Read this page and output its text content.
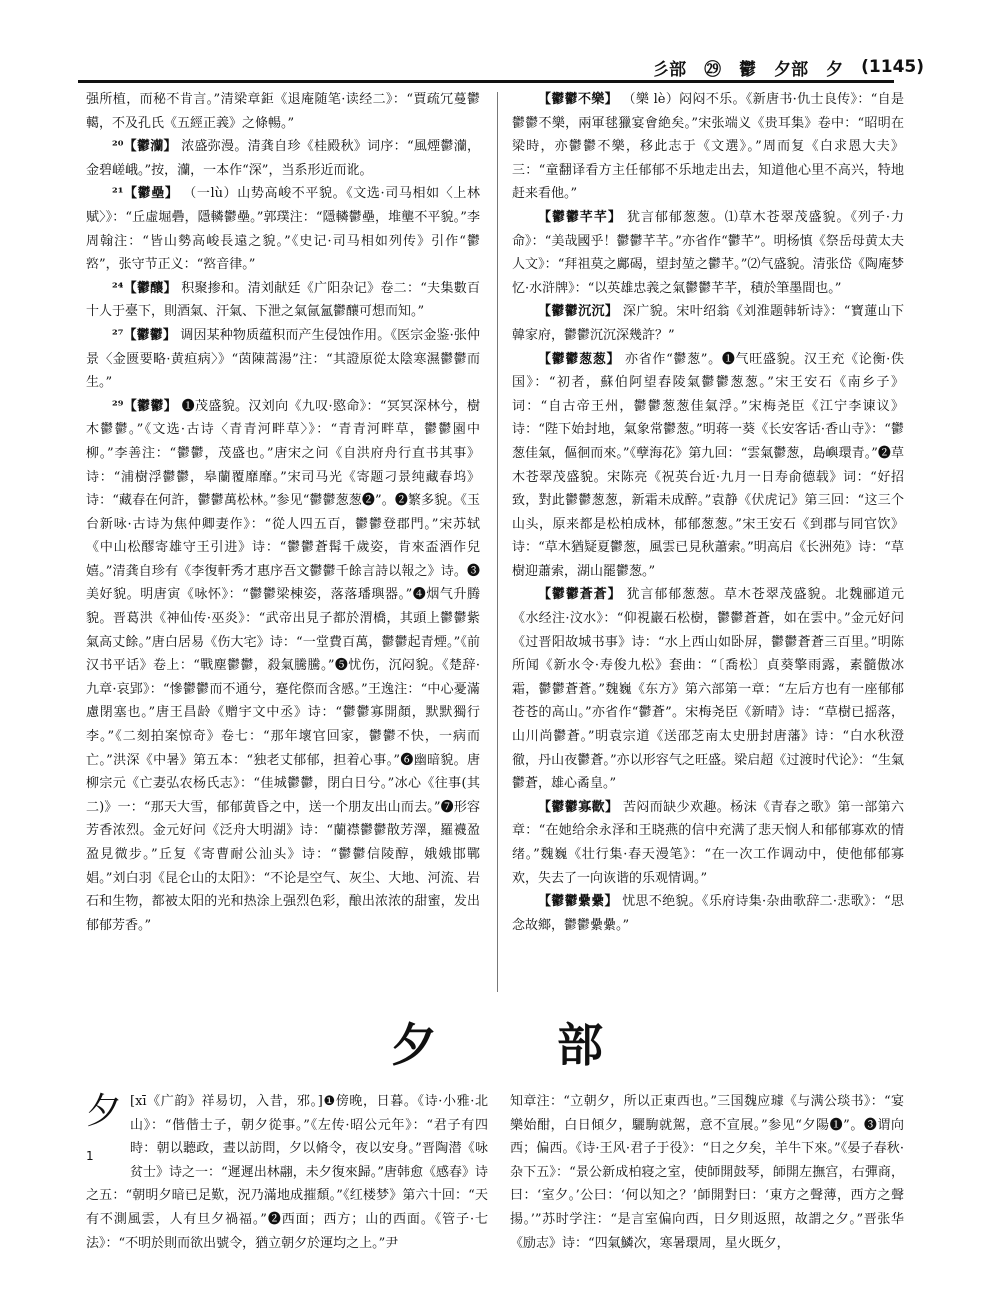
彡部 ㉙ 鬱 夕部 夕 (1145)

强所植，而秘不肯言。”清梁章鉅《退庵随笔·读经二》：“賈疏冗蔓鬱轕，不及孔氏《五經正義》之條暢。”

²⁰【鬱灡】 浓盛弥漫。清龚自珍《桂殿秋》词序：“風煙鬱灡，金碧嵯峨。”按，灡，一本作“深”，当系形近而讹。

²¹【鬱壘】 （一lù）山势高峻不平貌。《文选·司马相如〈上林赋〉》：“丘虛堀礨，隱轔鬱壘。”郭璞注：“隱轔鬱壘，堆壟不平貌。”李周翰注：“皆山勢高峻長遠之貌。”《史记·司马相如列传》引作“鬱𡼖”，张守节正义：“𡼖音律。”

²⁴【鬱釀】 积聚掺和。清刘献廷《广阳杂记》卷二：“夫集數百十人于臺下，則酒氣、汗氣、下泄之氣氤氳鬱釀可想而知。”

²⁷【鬱鬱】 调因某种物质蕴积而产生侵蚀作用。《医宗金鉴·张仲景〈金匮要略·黄疸病〉》“茵陳蒿湯”注：“其證原從太陰寒濕鬱鬱而生。”

²⁹【鬱鬱】 ❶茂盛貌。汉刘向《九叹·愍命》：“冥冥深林兮，樹木鬱鬱。”《文选·古诗〈青青河畔草〉》：“青青河畔草，鬱鬱園中柳。”李善注：“鬱鬱，茂盛也。”唐宋之问《自洪府舟行直书其事》诗：“浦樹浮鬱鬱，皋蘭覆靡靡。”宋司马光《寄题刁景纯藏春坞》诗：“藏春在何許，鬱鬱萬松林。”参见“鬱鬱葱葱❷”。❷繁多貌。《玉台新咏·古诗为焦仲卿妻作》：“從人四五百，鬱鬱登郡門。”宋苏轼《中山松醪寄雄守王引进》诗：“鬱鬱蒼髯千歲姿，肯來盃酒作兒嬉。”清龚自珍有《李復軒秀才惠序吾文鬱鬱千餘言詩以報之》诗。❸美好貌。明唐寅《咏怀》：“鬱鬱梁棟姿，落落璠璵器。”❹烟气升腾貌。晋葛洪《神仙传·巫炎》：“武帝出見子都於渭橋，其頭上鬱鬱紫氣高丈餘。”唐白居易《伤大宅》诗：“一堂費百萬，鬱鬱起青煙。”《前汉书平话》卷上：“戰塵鬱鬱，殺氣騰騰。”❺忧伤，沉闷貌。《楚辞·九章·哀郢》：“慘鬱鬱而不通兮，蹇侘傺而含慼。”王逸注：“中心憂滿慮閉塞也。”唐王昌龄《赠宇文中丞》诗：“鬱鬱寡開顏，默默獨行李。”《二刻拍案惊奇》卷七：“那年壞官回家，鬱鬱不快，一病而亡。”洪深《中暑》第五本：“独老丈郁郁，担着心事。”❻幽暗貌。唐柳宗元《亡妻弘农杨氏志》：“佳城鬱鬱，閉白日兮。”冰心《往事(其二)》一：“那天大雪，郁郁黄昏之中，送一个朋友出山而去。”❼形容芳香浓烈。金元好问《泛舟大明湖》诗：“蘭襟鬱鬱散芳澤，羅襪盈盈見微步。”丘复《寄曹耐公汕头》诗：“鬱鬱信陵醇，娥娥邯鄲娼。”刘白羽《昆仑山的太阳》：“不论是空气、灰尘、大地、河流、岩石和生物，都被太阳的光和热涂上强烈色彩，酿出浓浓的甜蜜，发出郁郁芳香。”

【鬱鬱不樂】 （樂 lè）闷闷不乐。《新唐书·仇士良传》：“自是鬱鬱不樂，兩軍毬獵宴會絶矣。”宋张端义《贵耳集》卷中：“昭明在梁時，亦鬱鬱不樂，移此志于《文選》。”周而复《白求恩大夫》三：“童翻译看方主任郁郁不乐地走出去，知道他心里不高兴，特地赶来看他。”

【鬱鬱芊芊】 犹言郁郁葱葱。⑴草木苍翠茂盛貌。《列子·力命》：“美哉國乎！鬱鬱芊芊。”亦省作“鬱芊”。明杨慎《祭岳母黄太夫人文》：“拜祖莫之鄺碣，望封堃之鬱芊。”⑵气盛貌。清张岱《陶庵梦忆·水浒牌》：“以英雄忠義之氣鬱鬱芊芊，積於筆墨間也。”

【鬱鬱沉沉】 深广貌。宋叶绍翁《刘淮题韩斩诗》：“寶蓮山下韓家府，鬱鬱沉沉深幾許？”

【鬱鬱葱葱】 亦省作“鬱葱”。❶气旺盛貌。汉王充《论衡·佚国》：“初者，蘇伯阿望舂陵氣鬱鬱葱葱。”宋王安石《南乡子》词：“自古帝王州，鬱鬱葱葱佳氣浮。”宋梅尧臣《江宁李谏议》诗：“陛下始封地，氣象常鬱葱。”明蒋一葵《长安客话·香山寺》：“鬱葱佳氣，傴徊而來。”《孽海花》第九回：“雲氣鬱葱，島嶼環青。”❷草木苍翠茂盛貌。宋陈亮《祝英台近·九月一日寿俞德载》词：“好招致，對此鬱鬱葱葱，新霜未成醉。”袁静《伏虎记》第三回：“这三个山头，原来都是松柏成林，郁郁葱葱。”宋王安石《到郡与同官饮》诗：“草木猶疑夏鬱葱，風雲已見秋蕭索。”明高启《长洲苑》诗：“草樹迎蕭索，湖山罷鬱葱。”

【鬱鬱蒼蒼】 犹言郁郁葱葱。草木苍翠茂盛貌。北魏郦道元《水经注·汶水》：“仰視巖石松樹，鬱鬱蒼蒼，如在雲中。”金元好问《过晋阳故城书事》诗：“水上西山如卧屏，鬱鬱蒼蒼三百里。”明陈所闻《新水令·寿俊九松》套曲：“〔喬松〕貞葵擎雨露，素髓傲冰霜，鬱鬱蒼蒼。”魏巍《东方》第六部第一章：“左后方也有一座郁郁苍苍的高山。”亦省作“鬱蒼”。宋梅尧臣《新晴》诗：“草樹已摇落，山川尚鬱蒼。”明袁宗道《送邵芝南太史册封唐藩》诗：“白水秋澄徹，丹山夜鬱蒼。”亦以形容气之旺盛。梁启超《过渡时代论》：“生氣鬱蒼，雄心矞皇。”

【鬱鬱寡歡】 苦闷而缺少欢趣。杨沫《青春之歌》第一部第六章：“在她给余永泽和王晓燕的信中充满了悲天悯人和郁郁寡欢的情绪。”魏巍《壮行集·春天漫笔》：“在一次工作调动中，使他郁郁寡欢，失去了一向诙谐的乐观情调。”

【鬱鬱纍纍】 忧思不绝貌。《乐府诗集·杂曲歌辞二·悲歌》：“思念故鄉，鬱鬱纍纍。”

夕	部
夕$^1$
[xī《广韵》祥易切，入昔，邪。]❶傍晚，日暮。《诗·小雅·北山》：“偕偕士子，朝夕從事。”《左传·昭公元年》：“君子有四時：朝以聽政，晝以訪問，夕以脩令，夜以安身。”晋陶潜《咏贫士》诗之一：“遲遲出林翮，未夕復來歸。”唐韩愈《感春》诗之五：“朝明夕暗已足歎，況乃滿地成摧頹。”《红楼梦》第六十回：“天有不測風雲，人有旦夕禍福。”❷西面；西方；山的西面。《管子·七法》：“不明於則而欲出號令，猶立朝夕於運均之上。”尹
知章注：“立朝夕，所以正東西也。”三国魏应璩《与满公琰书》：“宴樂始酣，白日傾夕，驪駒就駕，意不宣展。”参见“夕陽❶”。❸谓向西；偏西。《诗·王风·君子于役》：“日之夕矣，羊牛下來。”《晏子春秋·杂下五》：“景公新成柏寝之室，使師開鼓琴，師開左撫宫，右彈商，曰：‘室夕。’公曰：‘何以知之？’師開對曰：‘東方之聲薄，西方之聲揚。’”苏时学注：“是言室偏向西，日夕則返照，故謂之夕。”晋张华《励志》诗：“四氣鱗次，寒暑環周，星火既夕，
